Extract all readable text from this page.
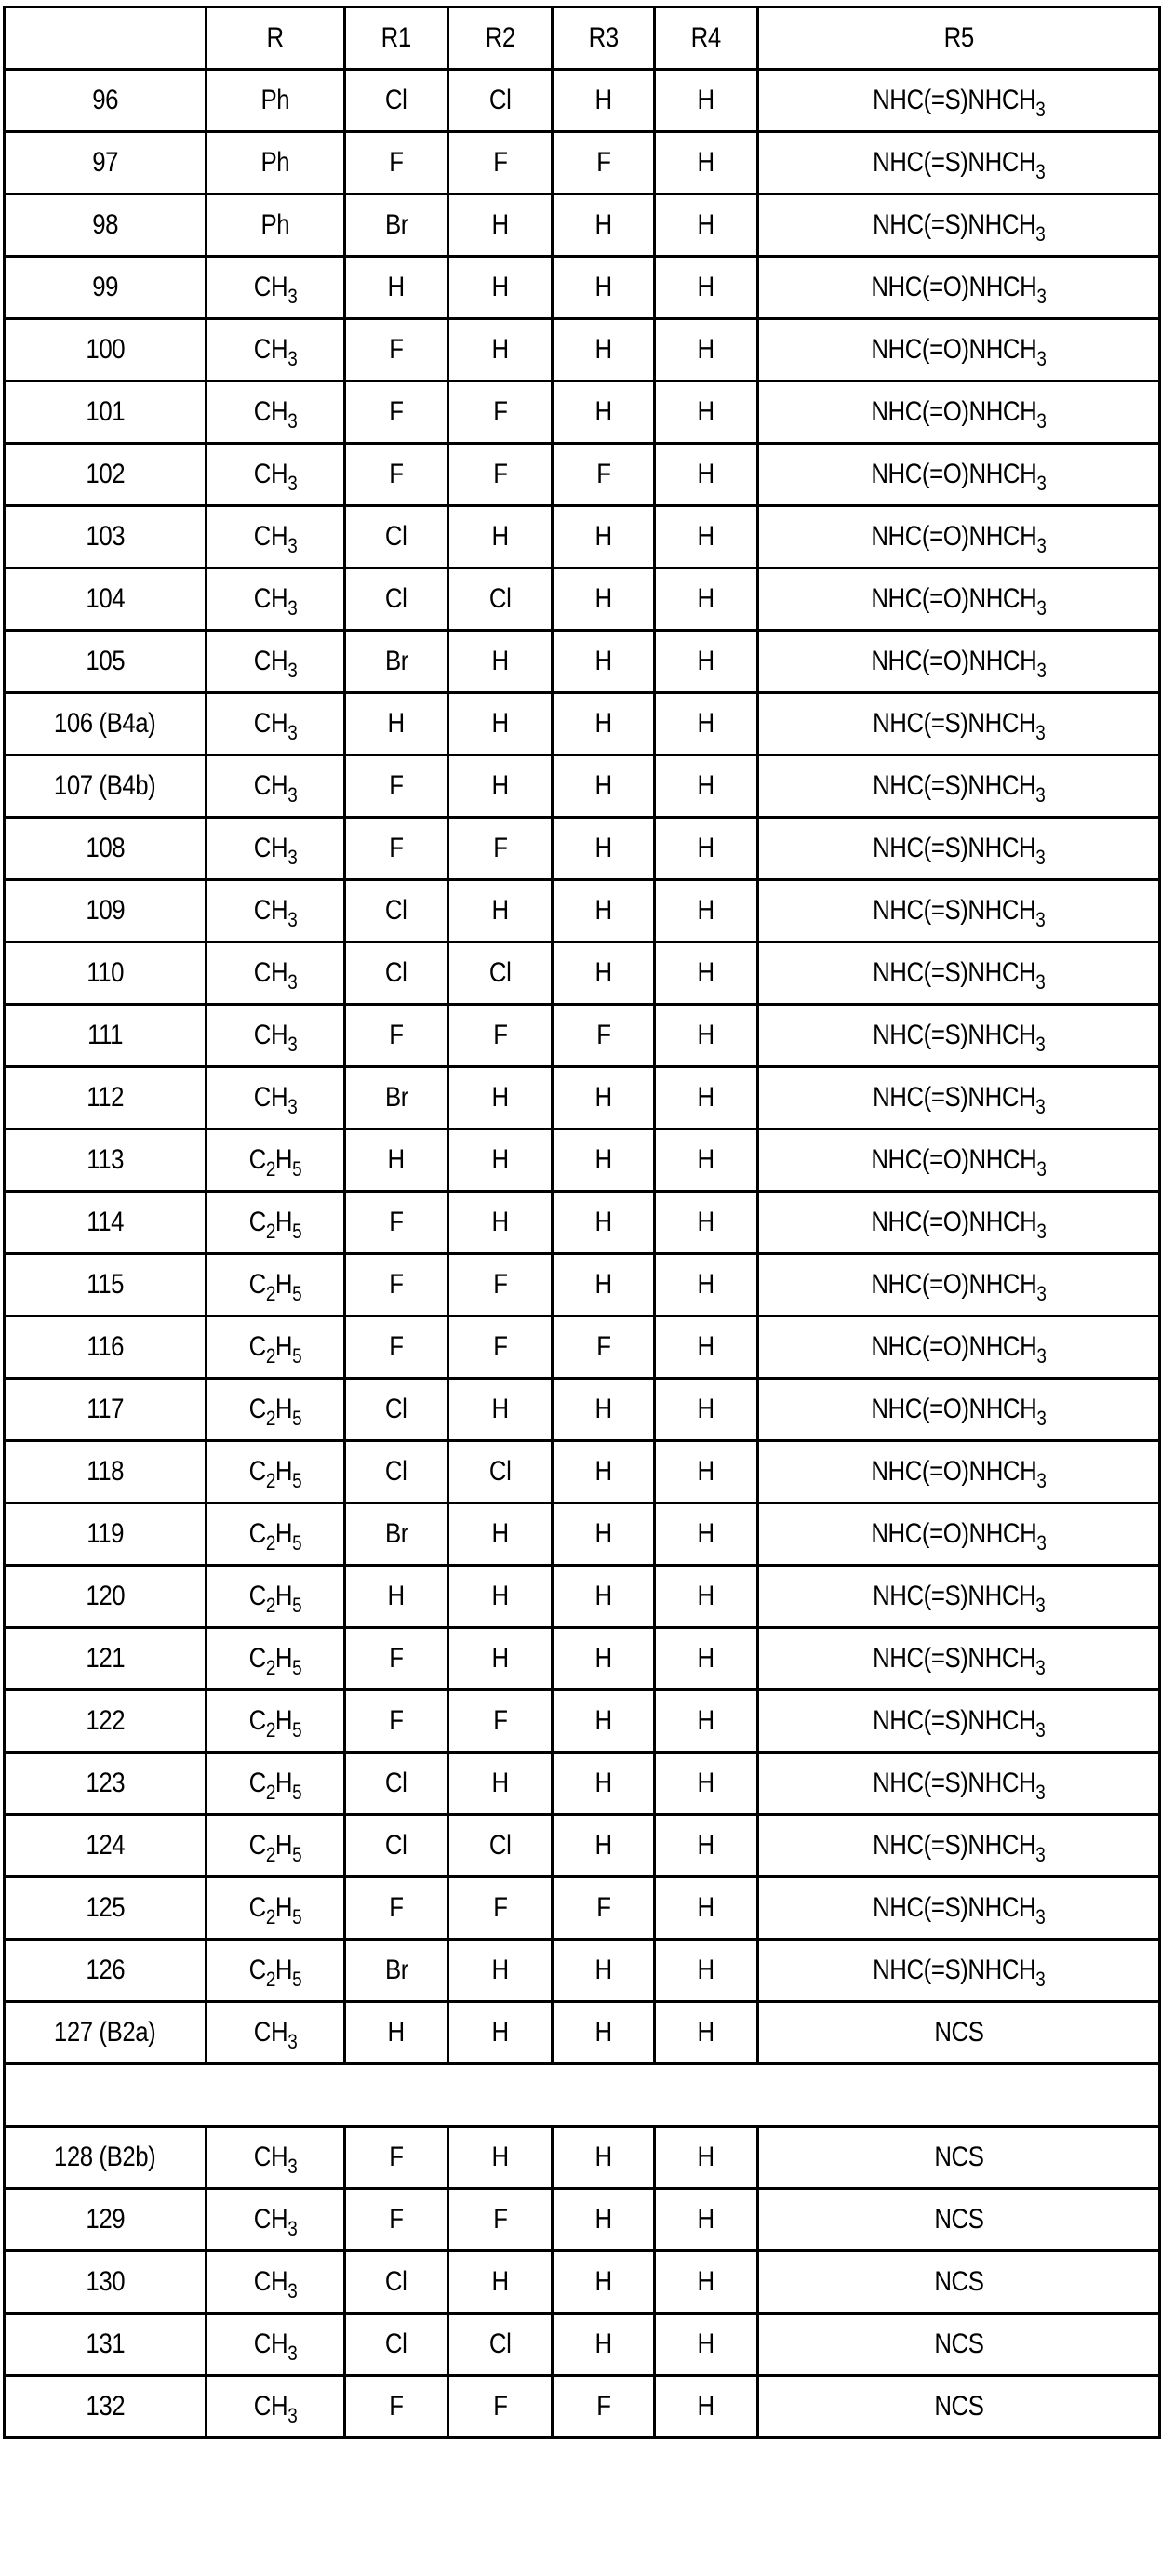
	R	R1	R2	R3	R4	R5
96	Ph	Cl	Cl	H	H	$NHC(=S)NHCH_3$
97	Ph	F	F	F	H	$NHC(=S)NHCH_3$
98	Ph	Br	H	H	H	$NHC(=S)NHCH_3$
99	$CH_3$	H	H	H	H	$NHC(=O)NHCH_3$
100	$CH_3$	F	H	H	H	$NHC(=O)NHCH_3$
101	$CH_3$	F	F	H	H	$NHC(=O)NHCH_3$
102	$CH_3$	F	F	F	H	$NHC(=O)NHCH_3$
103	$CH_3$	Cl	H	H	H	$NHC(=O)NHCH_3$
104	$CH_3$	Cl	Cl	H	H	$NHC(=O)NHCH_3$
105	$CH_3$	Br	H	H	H	$NHC(=O)NHCH_3$
106 (B4a)	$CH_3$	H	H	H	H	$NHC(=S)NHCH_3$
107 (B4b)	$CH_3$	F	H	H	H	$NHC(=S)NHCH_3$
108	$CH_3$	F	F	H	H	$NHC(=S)NHCH_3$
109	$CH_3$	Cl	H	H	H	$NHC(=S)NHCH_3$
110	$CH_3$	Cl	Cl	H	H	$NHC(=S)NHCH_3$
111	$CH_3$	F	F	F	H	$NHC(=S)NHCH_3$
112	$CH_3$	Br	H	H	H	$NHC(=S)NHCH_3$
113	$C_2H_5$	H	H	H	H	$NHC(=O)NHCH_3$
114	$C_2H_5$	F	H	H	H	$NHC(=O)NHCH_3$
115	$C_2H_5$	F	F	H	H	$NHC(=O)NHCH_3$
116	$C_2H_5$	F	F	F	H	$NHC(=O)NHCH_3$
117	$C_2H_5$	Cl	H	H	H	$NHC(=O)NHCH_3$
118	$C_2H_5$	Cl	Cl	H	H	$NHC(=O)NHCH_3$
119	$C_2H_5$	Br	H	H	H	$NHC(=O)NHCH_3$
120	$C_2H_5$	H	H	H	H	$NHC(=S)NHCH_3$
121	$C_2H_5$	F	H	H	H	$NHC(=S)NHCH_3$
122	$C_2H_5$	F	F	H	H	$NHC(=S)NHCH_3$
123	$C_2H_5$	Cl	H	H	H	$NHC(=S)NHCH_3$
124	$C_2H_5$	Cl	Cl	H	H	$NHC(=S)NHCH_3$
125	$C_2H_5$	F	F	F	H	$NHC(=S)NHCH_3$
126	$C_2H_5$	Br	H	H	H	$NHC(=S)NHCH_3$
127 (B2a)	$CH_3$	H	H	H	H	NCS

128 (B2b)	$CH_3$	F	H	H	H	NCS
129	$CH_3$	F	F	H	H	NCS
130	$CH_3$	Cl	H	H	H	NCS
131	$CH_3$	Cl	Cl	H	H	NCS
132	$CH_3$	F	F	F	H	NCS
